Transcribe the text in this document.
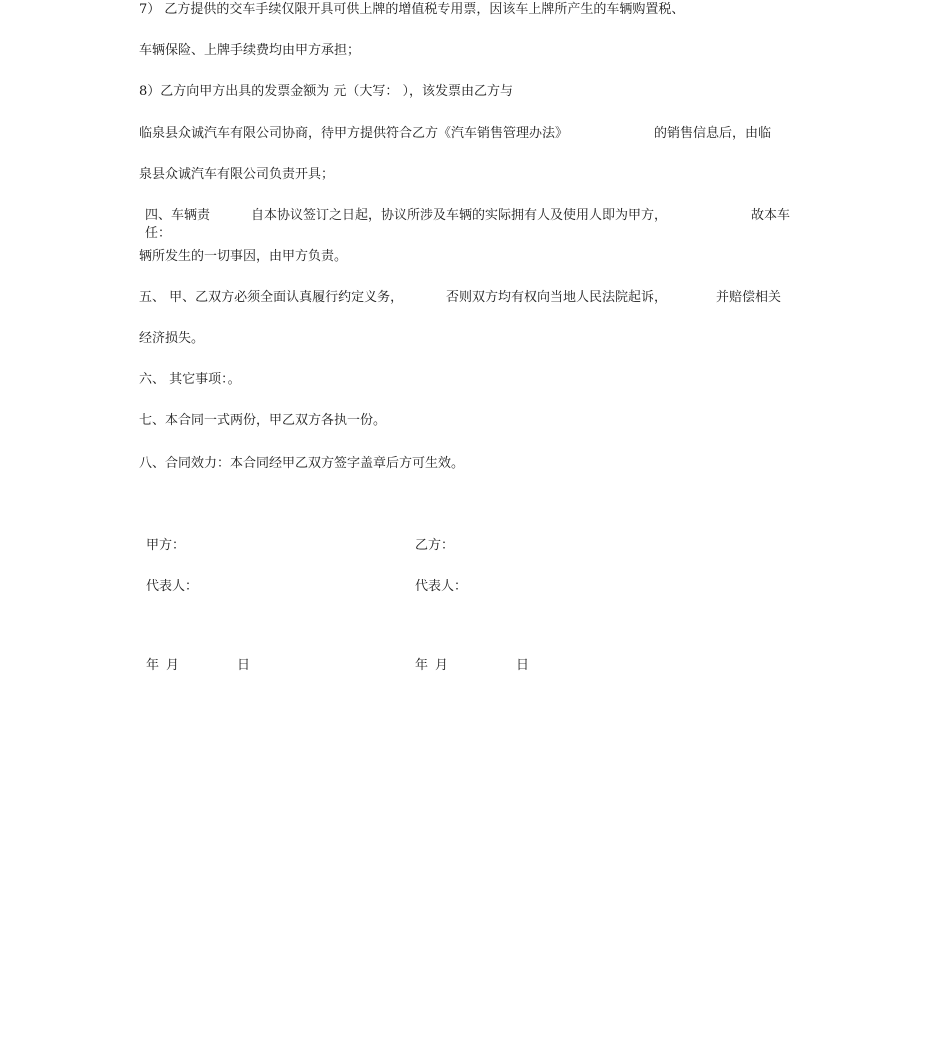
7） 乙方提供的交车手续仅限开具可供上牌的增值税专用票，因该车上牌所产生的车辆购置税、
车辆保险、上牌手续费均由甲方承担；
8）乙方向甲方出具的发票金额为 元（大写： ），该发票由乙方与
临泉县众诚汽车有限公司协商，待甲方提供符合乙方《汽车销售管理办法》	的销售信息后，由临
泉县众诚汽车有限公司负责开具；
四、车辆责
任：
自本协议签订之日起，协议所涉及车辆的实际拥有人及使用人即为甲方，	故本车
辆所发生的一切事因，由甲方负责。
五、 甲、乙双方必须全面认真履行约定义务，	否则双方均有权向当地人民法院起诉，	并赔偿相关
经济损失。
六、 其它事项：。
七、本合同一式两份，甲乙双方各执一份。
八、合同效力：本合同经甲乙双方签字盖章后方可生效。
甲方：	乙方：
代表人：	代表人：
年 月	日	年 月	日
